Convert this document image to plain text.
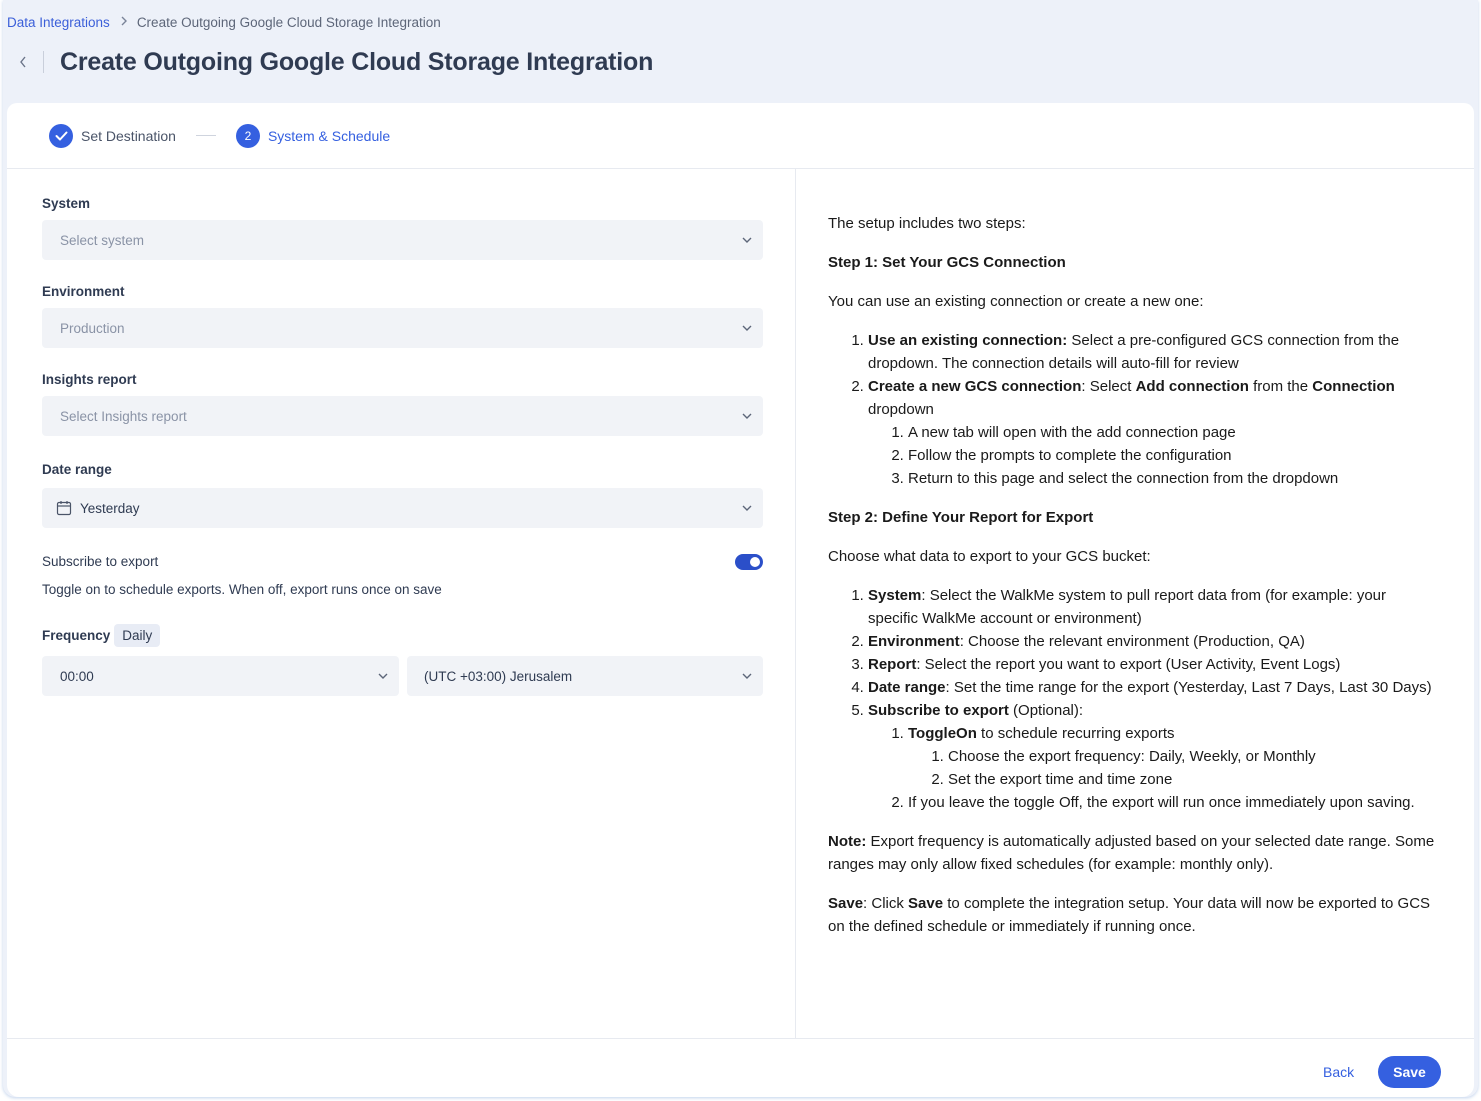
Data Integrations Create Outgoing Google Cloud Storage Integration
Create Outgoing Google Cloud Storage Integration
Set Destination	2	System & Schedule
System
Select system
Environment
Production
Insights report
Select Insights report
Date range
Yesterday
Subscribe to export
Toggle on to schedule exports. When off, export runs once on save
Frequency Daily
00:00	(UTC +03:00) Jerusalem

The setup includes two steps:

Step 1: Set Your GCS Connection

You can use an existing connection or create a new one:

1. Use an existing connection: Select a pre-configured GCS connection from the dropdown. The connection details will auto-fill for review
2. Create a new GCS connection: Select Add connection from the Connection dropdown
1. A new tab will open with the add connection page
2. Follow the prompts to complete the configuration
3. Return to this page and select the connection from the dropdown

Step 2: Define Your Report for Export

Choose what data to export to your GCS bucket:

1. System: Select the WalkMe system to pull report data from (for example: your specific WalkMe account or environment)
2. Environment: Choose the relevant environment (Production, QA)
3. Report: Select the report you want to export (User Activity, Event Logs)
4. Date range: Set the time range for the export (Yesterday, Last 7 Days, Last 30 Days)
5. Subscribe to export (Optional):
1. ToggleOn to schedule recurring exports
1. Choose the export frequency: Daily, Weekly, or Monthly
2. Set the export time and time zone
2. If you leave the toggle Off, the export will run once immediately upon saving.

Note: Export frequency is automatically adjusted based on your selected date range. Some ranges may only allow fixed schedules (for example: monthly only).

Save: Click Save to complete the integration setup. Your data will now be exported to GCS on the defined schedule or immediately if running once.

Back	Save
